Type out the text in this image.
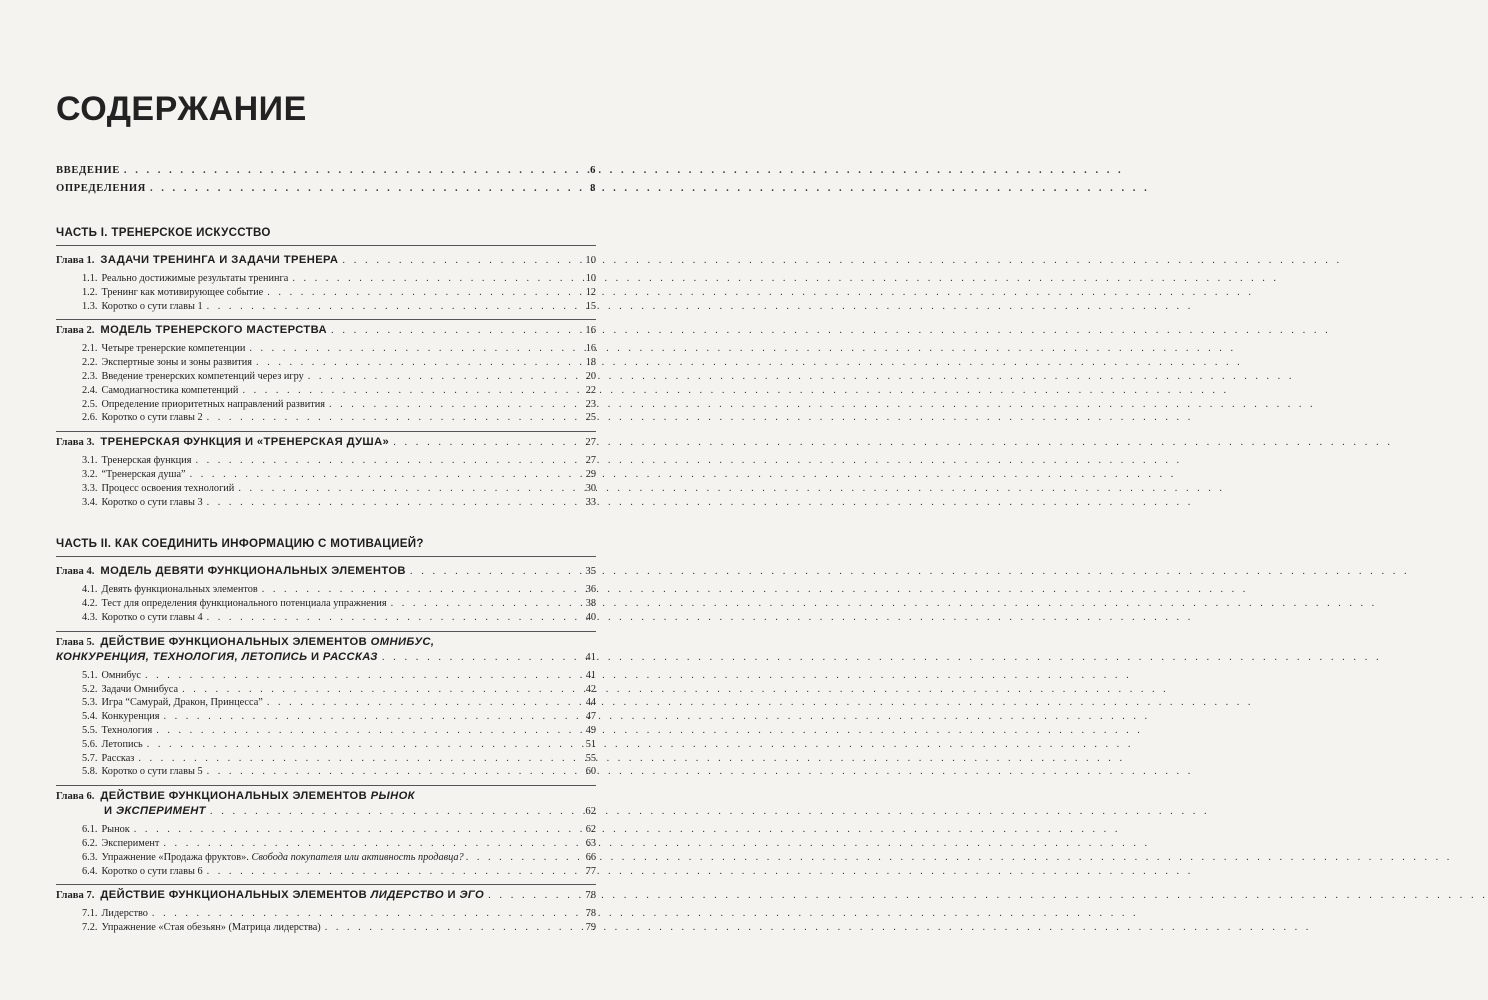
СОДЕРЖАНИЕ
ВВЕДЕНИЕ . . .	6
ОПРЕДЕЛЕНИЯ . . .	8
ЧАСТЬ I. ТРЕНЕРСКОЕ ИСКУССТВО
Глава 1. ЗАДАЧИ ТРЕНИНГА И ЗАДАЧИ ТРЕНЕРА . . .	10
1.1. Реально достижимые результаты тренинга . . .	10
1.2. Тренинг как мотивирующее событие . . .	12
1.3. Коротко о сути главы 1 . . .	15
Глава 2. МОДЕЛЬ ТРЕНЕРСКОГО МАСТЕРСТВА . . .	16
2.1. Четыре тренерские компетенции . . .	16
2.2. Экспертные зоны и зоны развития . . .	18
2.3. Введение тренерских компетенций через игру . . .	20
2.4. Самодиагностика компетенций . . .	22
2.5. Определение приоритетных направлений развития . . .	23
2.6. Коротко о сути главы 2 . . .	25
Глава 3. ТРЕНЕРСКАЯ ФУНКЦИЯ И «ТРЕНЕРСКАЯ ДУША» . . .	27
3.1. Тренерская функция . . .	27
3.2. “Тренерская душа” . . .	29
3.3. Процесс освоения технологий . . .	30
3.4. Коротко о сути главы 3 . . .	33
ЧАСТЬ II. КАК СОЕДИНИТЬ ИНФОРМАЦИЮ С МОТИВАЦИЕЙ?
Глава 4. МОДЕЛЬ ДЕВЯТИ ФУНКЦИОНАЛЬНЫХ ЭЛЕМЕНТОВ . . .	35
4.1. Девять функциональных элементов . . .	36
4.2. Тест для определения функционального потенциала упражнения . . .	38
4.3. Коротко о сути главы 4 . . .	40
Глава 5. ДЕЙСТВИЕ ФУНКЦИОНАЛЬНЫХ ЭЛЕМЕНТОВ ОМНИБУС,
КОНКУРЕНЦИЯ, ТЕХНОЛОГИЯ, ЛЕТОПИСЬ И РАССКАЗ . . .	41
5.1. Омнибус . . .	41
5.2. Задачи Омнибуса . . .	42
5.3. Игра “Самурай, Дракон, Принцесса” . . .	44
5.4. Конкуренция . . .	47
5.5. Технология . . .	49
5.6. Летопись . . .	51
5.7. Рассказ . . .	55
5.8. Коротко о сути главы 5 . . .	60
Глава 6. ДЕЙСТВИЕ ФУНКЦИОНАЛЬНЫХ ЭЛЕМЕНТОВ РЫНОК
И ЭКСПЕРИМЕНТ . . .	62
6.1. Рынок . . .	62
6.2. Эксперимент . . .	63
6.3. Упражнение «Продажа фруктов». Свобода покупателя или активность продавца? . . .	66
6.4. Коротко о сути главы 6 . . .	77
Глава 7. ДЕЙСТВИЕ ФУНКЦИОНАЛЬНЫХ ЭЛЕМЕНТОВ ЛИДЕРСТВО И ЭГО . . .	78
7.1. Лидерство . . .	78
7.2. Упражнение «Стая обезьян» (Матрица лидерства) . . .	79
